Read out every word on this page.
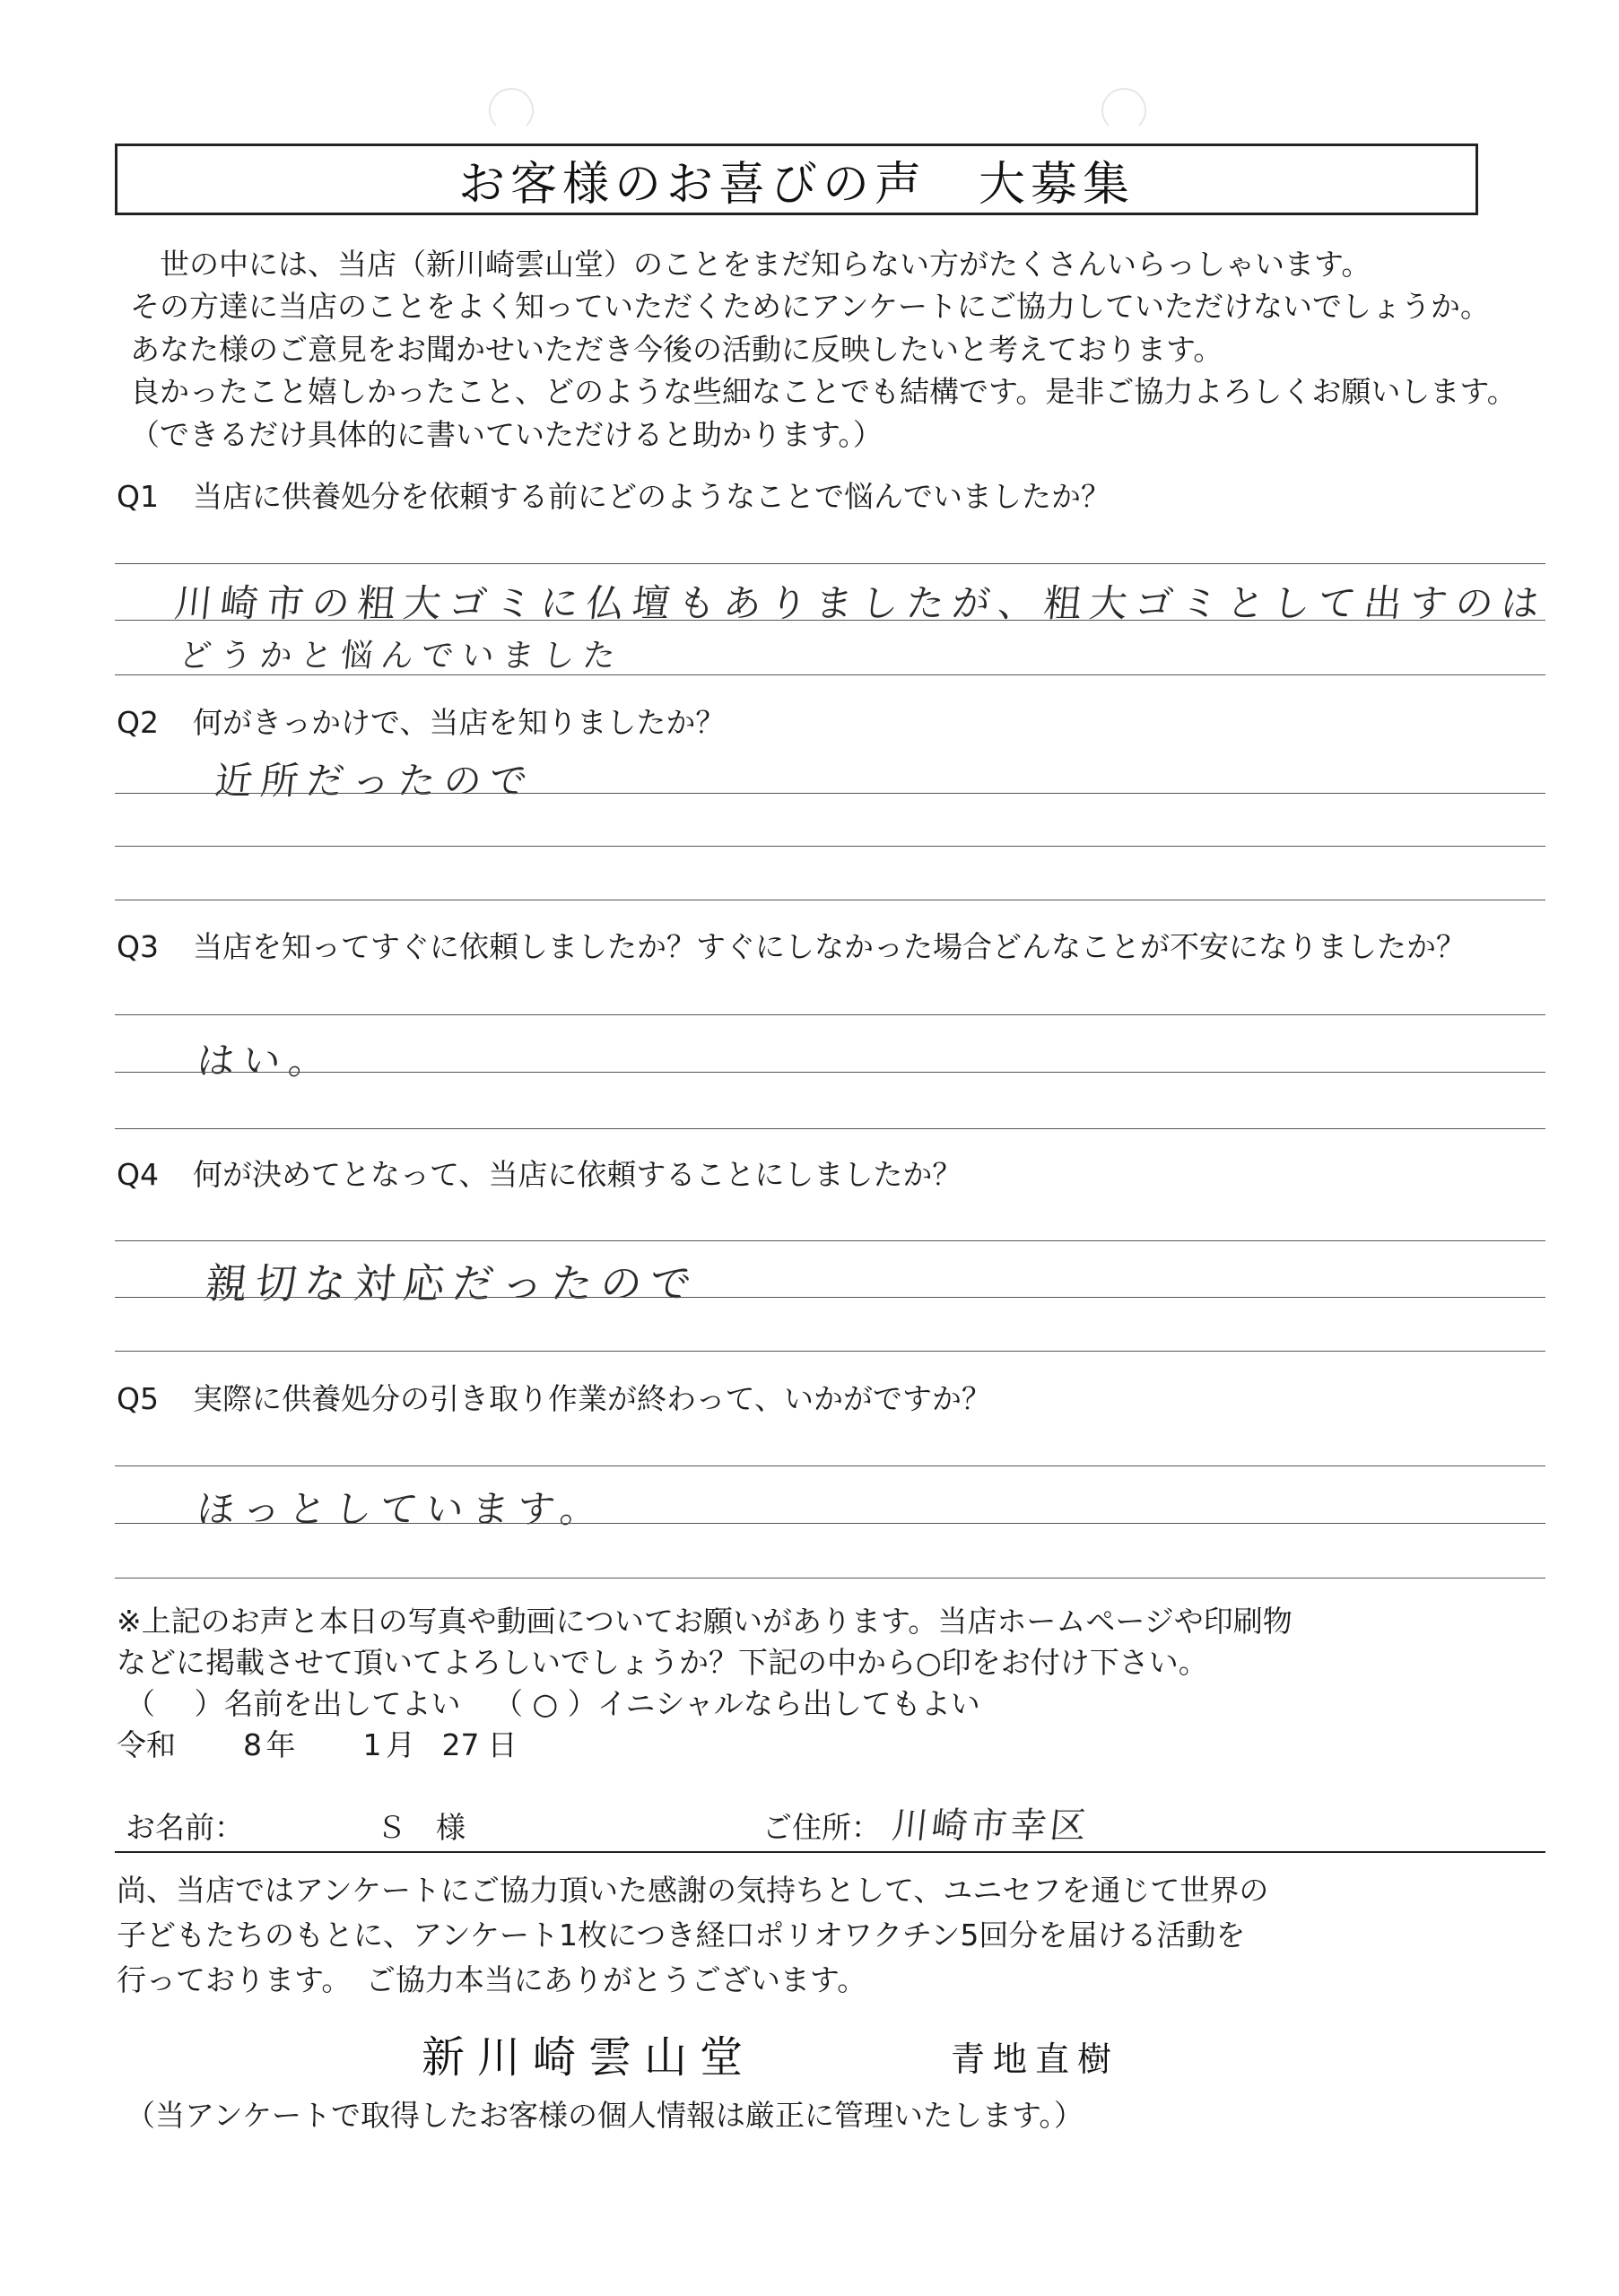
お客様のお喜びの声　大募集
　世の中には、当店（新川崎雲山堂）のことをまだ知らない方がたくさんいらっしゃいます。
その方達に当店のことをよく知っていただくためにアンケートにご協力していただけないでしょうか。
あなた様のご意見をお聞かせいただき今後の活動に反映したいと考えております。
良かったこと嬉しかったこと、どのような些細なことでも結構です。是非ご協力よろしくお願いします。
（できるだけ具体的に書いていただけると助かります。）
Q1 当店に供養処分を依頼する前にどのようなことで悩んでいましたか？
川崎市の粗大ゴミに仏壇もありましたが、粗大ゴミとして出すのは
どうかと悩んでいました
Q2 何がきっかけで、当店を知りましたか？
近所だったので
Q3 当店を知ってすぐに依頼しましたか？すぐにしなかった場合どんなことが不安になりましたか？
はい。
Q4 何が決めてとなって、当店に依頼することにしましたか？
親切な対応だったので
Q5 実際に供養処分の引き取り作業が終わって、いかがですか？
ほっとしています。
※上記のお声と本日の写真や動画についてお願いがあります。当店ホームページや印刷物
などに掲載させて頂いてよろしいでしょうか？下記の中から○印をお付け下さい。
（　 ）名前を出してよい （ ○ ）イニシャルなら出してもよい
令和 8 年 1 月 27 日
お名前：	Ｓ　様	ご住所： 川崎市幸区
尚、当店ではアンケートにご協力頂いた感謝の気持ちとして、ユニセフを通じて世界の
子どもたちのもとに、アンケート1枚につき経口ポリオワクチン5回分を届ける活動を
行っております。　ご協力本当にありがとうございます。
新川崎雲山堂	青地直樹
（当アンケートで取得したお客様の個人情報は厳正に管理いたします。）
